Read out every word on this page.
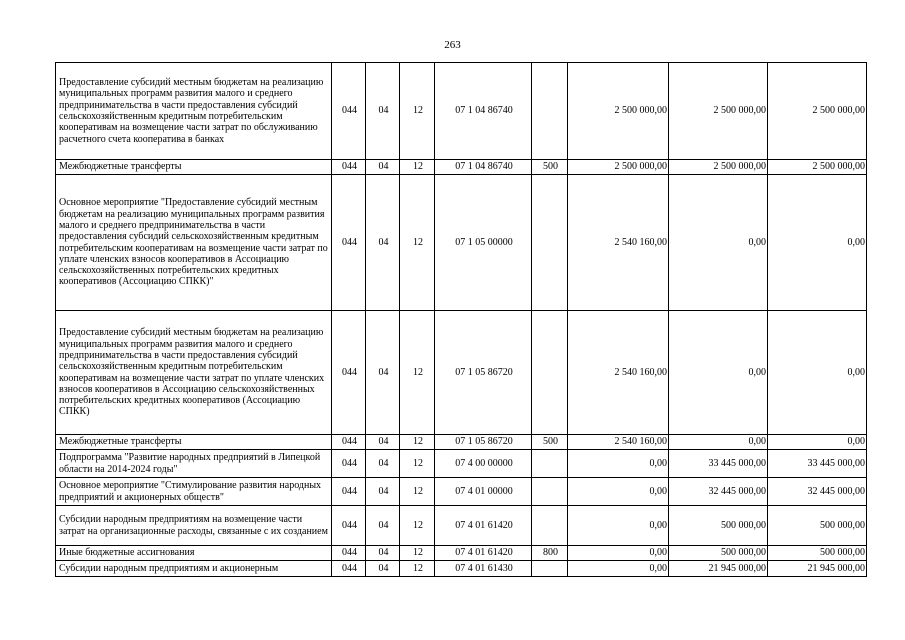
263
Предоставление субсидий местным бюджетам на реализацию муниципальных программ развития малого и среднего предпринимательства в части предоставления субсидий сельскохозяйственным кредитным потребительским кооперативам на возмещение части затрат по обслуживанию расчетного счета кооператива в банках	044	04	12	07 1 04 86740		2 500 000,00	2 500 000,00	2 500 000,00
Межбюджетные трансферты	044	04	12	07 1 04 86740	500	2 500 000,00	2 500 000,00	2 500 000,00
Основное мероприятие "Предоставление субсидий местным бюджетам на реализацию муниципальных программ развития малого и среднего предпринимательства в части предоставления субсидий сельскохозяйственным кредитным потребительским кооперативам на возмещение части затрат по уплате членских взносов кооперативов в Ассоциацию сельскохозяйственных потребительских кредитных кооперативов (Ассоциацию СПКК)"	044	04	12	07 1 05 00000		2 540 160,00	0,00	0,00
Предоставление субсидий местным бюджетам на реализацию муниципальных программ развития малого и среднего предпринимательства в части предоставления субсидий сельскохозяйственным кредитным потребительским кооперативам на возмещение части затрат по уплате членских взносов кооперативов в Ассоциацию сельскохозяйственных потребительских кредитных кооперативов (Ассоциацию СПКК)	044	04	12	07 1 05 86720		2 540 160,00	0,00	0,00
Межбюджетные трансферты	044	04	12	07 1 05 86720	500	2 540 160,00	0,00	0,00
Подпрограмма "Развитие народных предприятий в Липецкой области на 2014-2024 годы"	044	04	12	07 4 00 00000		0,00	33 445 000,00	33 445 000,00
Основное мероприятие "Стимулирование развития народных предприятий и акционерных обществ"	044	04	12	07 4 01 00000		0,00	32 445 000,00	32 445 000,00
Субсидии народным предприятиям на возмещение части затрат на организационные расходы, связанные с их созданием	044	04	12	07 4 01 61420		0,00	500 000,00	500 000,00
Иные бюджетные ассигнования	044	04	12	07 4 01 61420	800	0,00	500 000,00	500 000,00
Субсидии народным предприятиям и акционерным	044	04	12	07 4 01 61430		0,00	21 945 000,00	21 945 000,00
